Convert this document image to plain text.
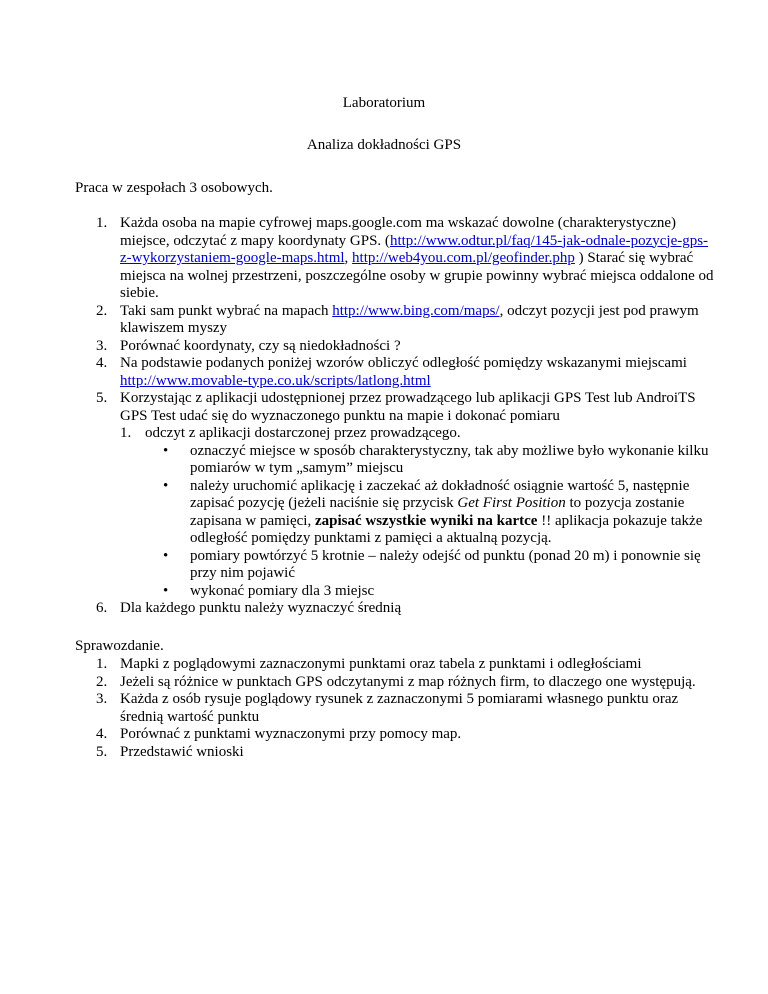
Laboratorium
Analiza dokładności GPS
Praca w zespołach 3 osobowych.
1. Każda osoba na mapie cyfrowej maps.google.com ma wskazać dowolne (charakterystyczne) miejsce, odczytać z mapy koordynaty GPS. (http://www.odtur.pl/faq/145-jak-odnale-pozycje-gps-z-wykorzystaniem-google-maps.html, http://web4you.com.pl/geofinder.php ) Starać się wybrać miejsca na wolnej przestrzeni, poszczególne osoby w grupie powinny wybrać miejsca oddalone od siebie.
2. Taki sam punkt wybrać na mapach http://www.bing.com/maps/, odczyt pozycji jest pod prawym klawiszem myszy
3. Porównać koordynaty, czy są niedokładności ?
4. Na podstawie podanych poniżej wzorów obliczyć odległość pomiędzy wskazanymi miejscami
http://www.movable-type.co.uk/scripts/latlong.html
5. Korzystając z aplikacji udostępnionej przez prowadzącego lub aplikacji GPS Test lub AndroiTS GPS Test udać się do wyznaczonego punktu na mapie i dokonać pomiaru
1. odczyt z aplikacji dostarczonej przez prowadzącego.
• oznaczyć miejsce w sposób charakterystyczny, tak aby możliwe było wykonanie kilku pomiarów w tym „samym” miejscu
• należy uruchomić aplikację i zaczekać aż dokładność osiągnie wartość 5, następnie zapisać pozycję (jeżeli naciśnie się przycisk Get First Position to pozycja zostanie zapisana w pamięci, zapisać wszystkie wyniki na kartce !! aplikacja pokazuje także odległość pomiędzy punktami z pamięci a aktualną pozycją.
• pomiary powtórzyć 5 krotnie – należy odejść od punktu (ponad 20 m) i ponownie się przy nim pojawić
• wykonać pomiary dla 3 miejsc
6. Dla każdego punktu należy wyznaczyć średnią
Sprawozdanie.
1. Mapki z poglądowymi zaznaczonymi punktami oraz tabela z punktami i odległościami
2. Jeżeli są różnice w punktach GPS odczytanymi z map różnych firm, to dlaczego one występują.
3. Każda z osób rysuje poglądowy rysunek z zaznaczonymi 5 pomiarami własnego punktu oraz średnią wartość punktu
4. Porównać z punktami wyznaczonymi przy pomocy map.
5. Przedstawić wnioski
